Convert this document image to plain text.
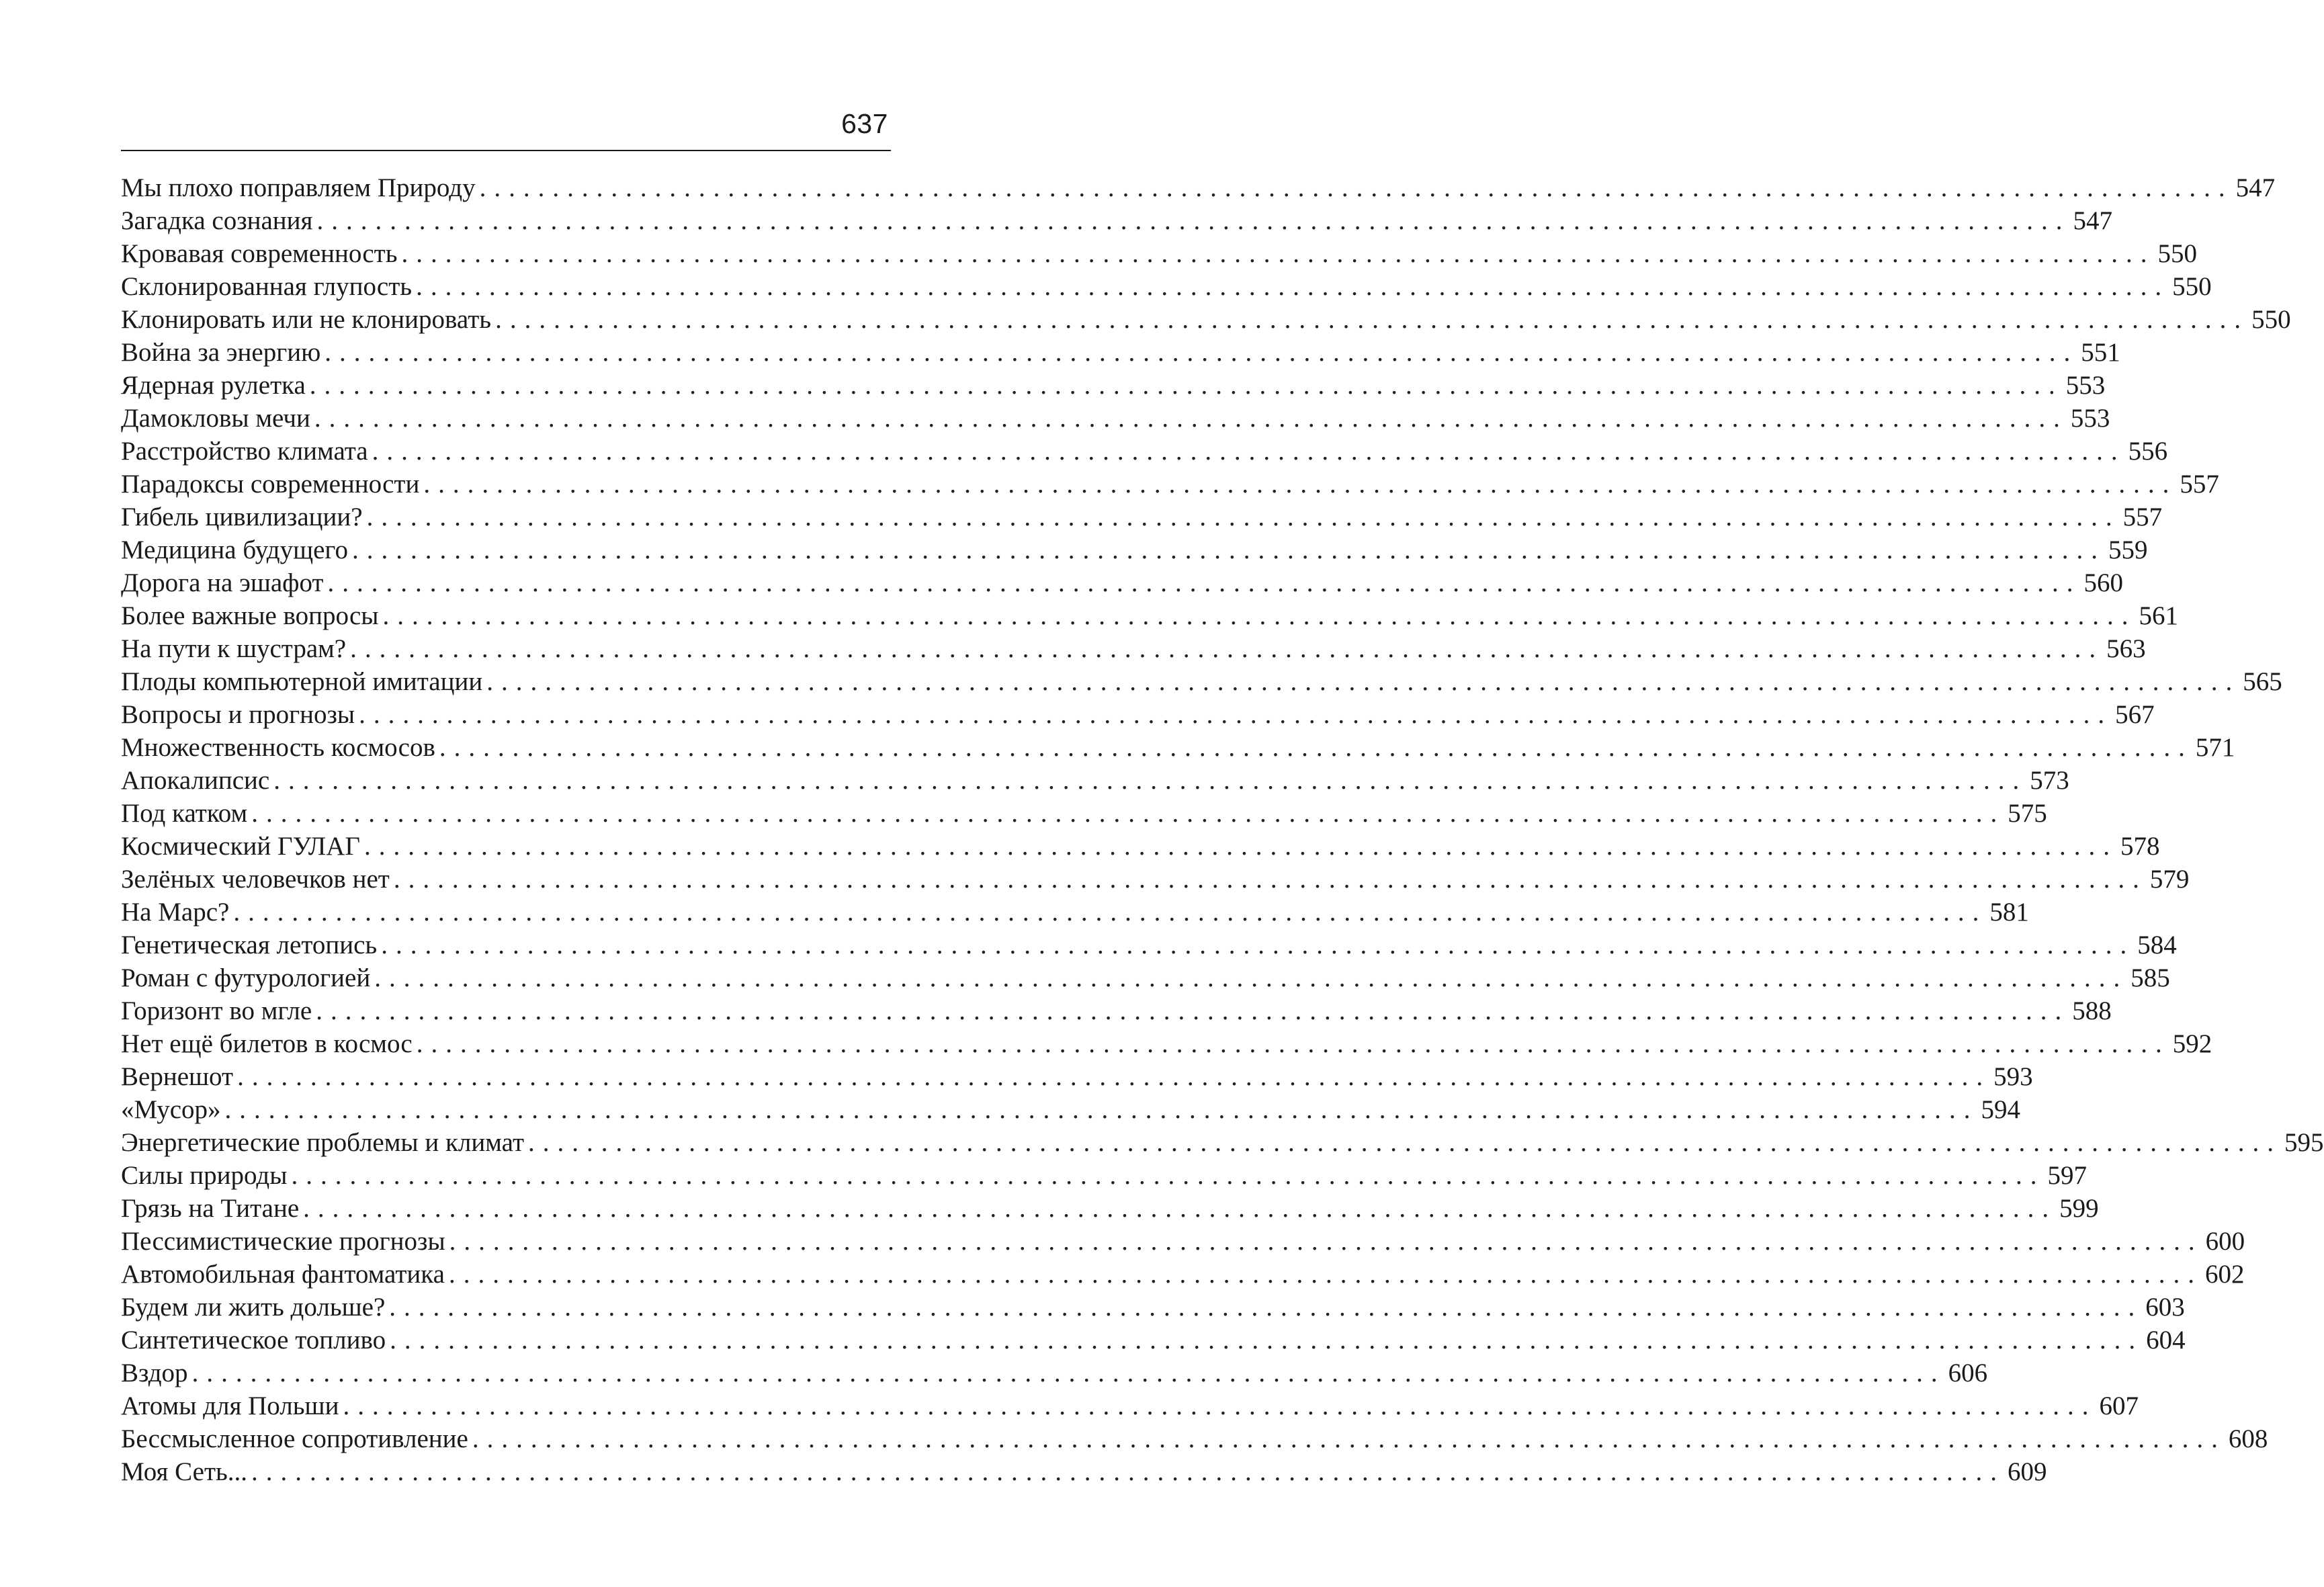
637
Мы плохо поправляем Природу ........................................................................................................................ 547
Загадка сознания ........................................................................................................................ 547
Кровавая современность ........................................................................................................................ 550
Склонированная глупость ........................................................................................................................ 550
Клонировать или не клонировать ........................................................................................................................ 550
Война за энергию ........................................................................................................................ 551
Ядерная рулетка ........................................................................................................................ 553
Дамокловы мечи ........................................................................................................................ 553
Расстройство климата ........................................................................................................................ 556
Парадоксы современности ........................................................................................................................ 557
Гибель цивилизации? ........................................................................................................................ 557
Медицина будущего ........................................................................................................................ 559
Дорога на эшафот ........................................................................................................................ 560
Более важные вопросы ........................................................................................................................ 561
На пути к шустрам? ........................................................................................................................ 563
Плоды компьютерной имитации ........................................................................................................................ 565
Вопросы и прогнозы ........................................................................................................................ 567
Множественность космосов ........................................................................................................................ 571
Апокалипсис ........................................................................................................................ 573
Под катком ........................................................................................................................ 575
Космический ГУЛАГ ........................................................................................................................ 578
Зелёных человечков нет ........................................................................................................................ 579
На Марс? ........................................................................................................................ 581
Генетическая летопись ........................................................................................................................ 584
Роман с футурологией ........................................................................................................................ 585
Горизонт во мгле ........................................................................................................................ 588
Нет ещё билетов в космос ........................................................................................................................ 592
Вернешот ........................................................................................................................ 593
«Мусор» ........................................................................................................................ 594
Энергетические проблемы и климат ........................................................................................................................ 595
Силы природы ........................................................................................................................ 597
Грязь на Титане ........................................................................................................................ 599
Пессимистические прогнозы ........................................................................................................................ 600
Автомобильная фантоматика ........................................................................................................................ 602
Будем ли жить дольше? ........................................................................................................................ 603
Синтетическое топливо ........................................................................................................................ 604
Вздор ........................................................................................................................ 606
Атомы для Польши ........................................................................................................................ 607
Бессмысленное сопротивление ........................................................................................................................ 608
Моя Сеть... ........................................................................................................................ 609
